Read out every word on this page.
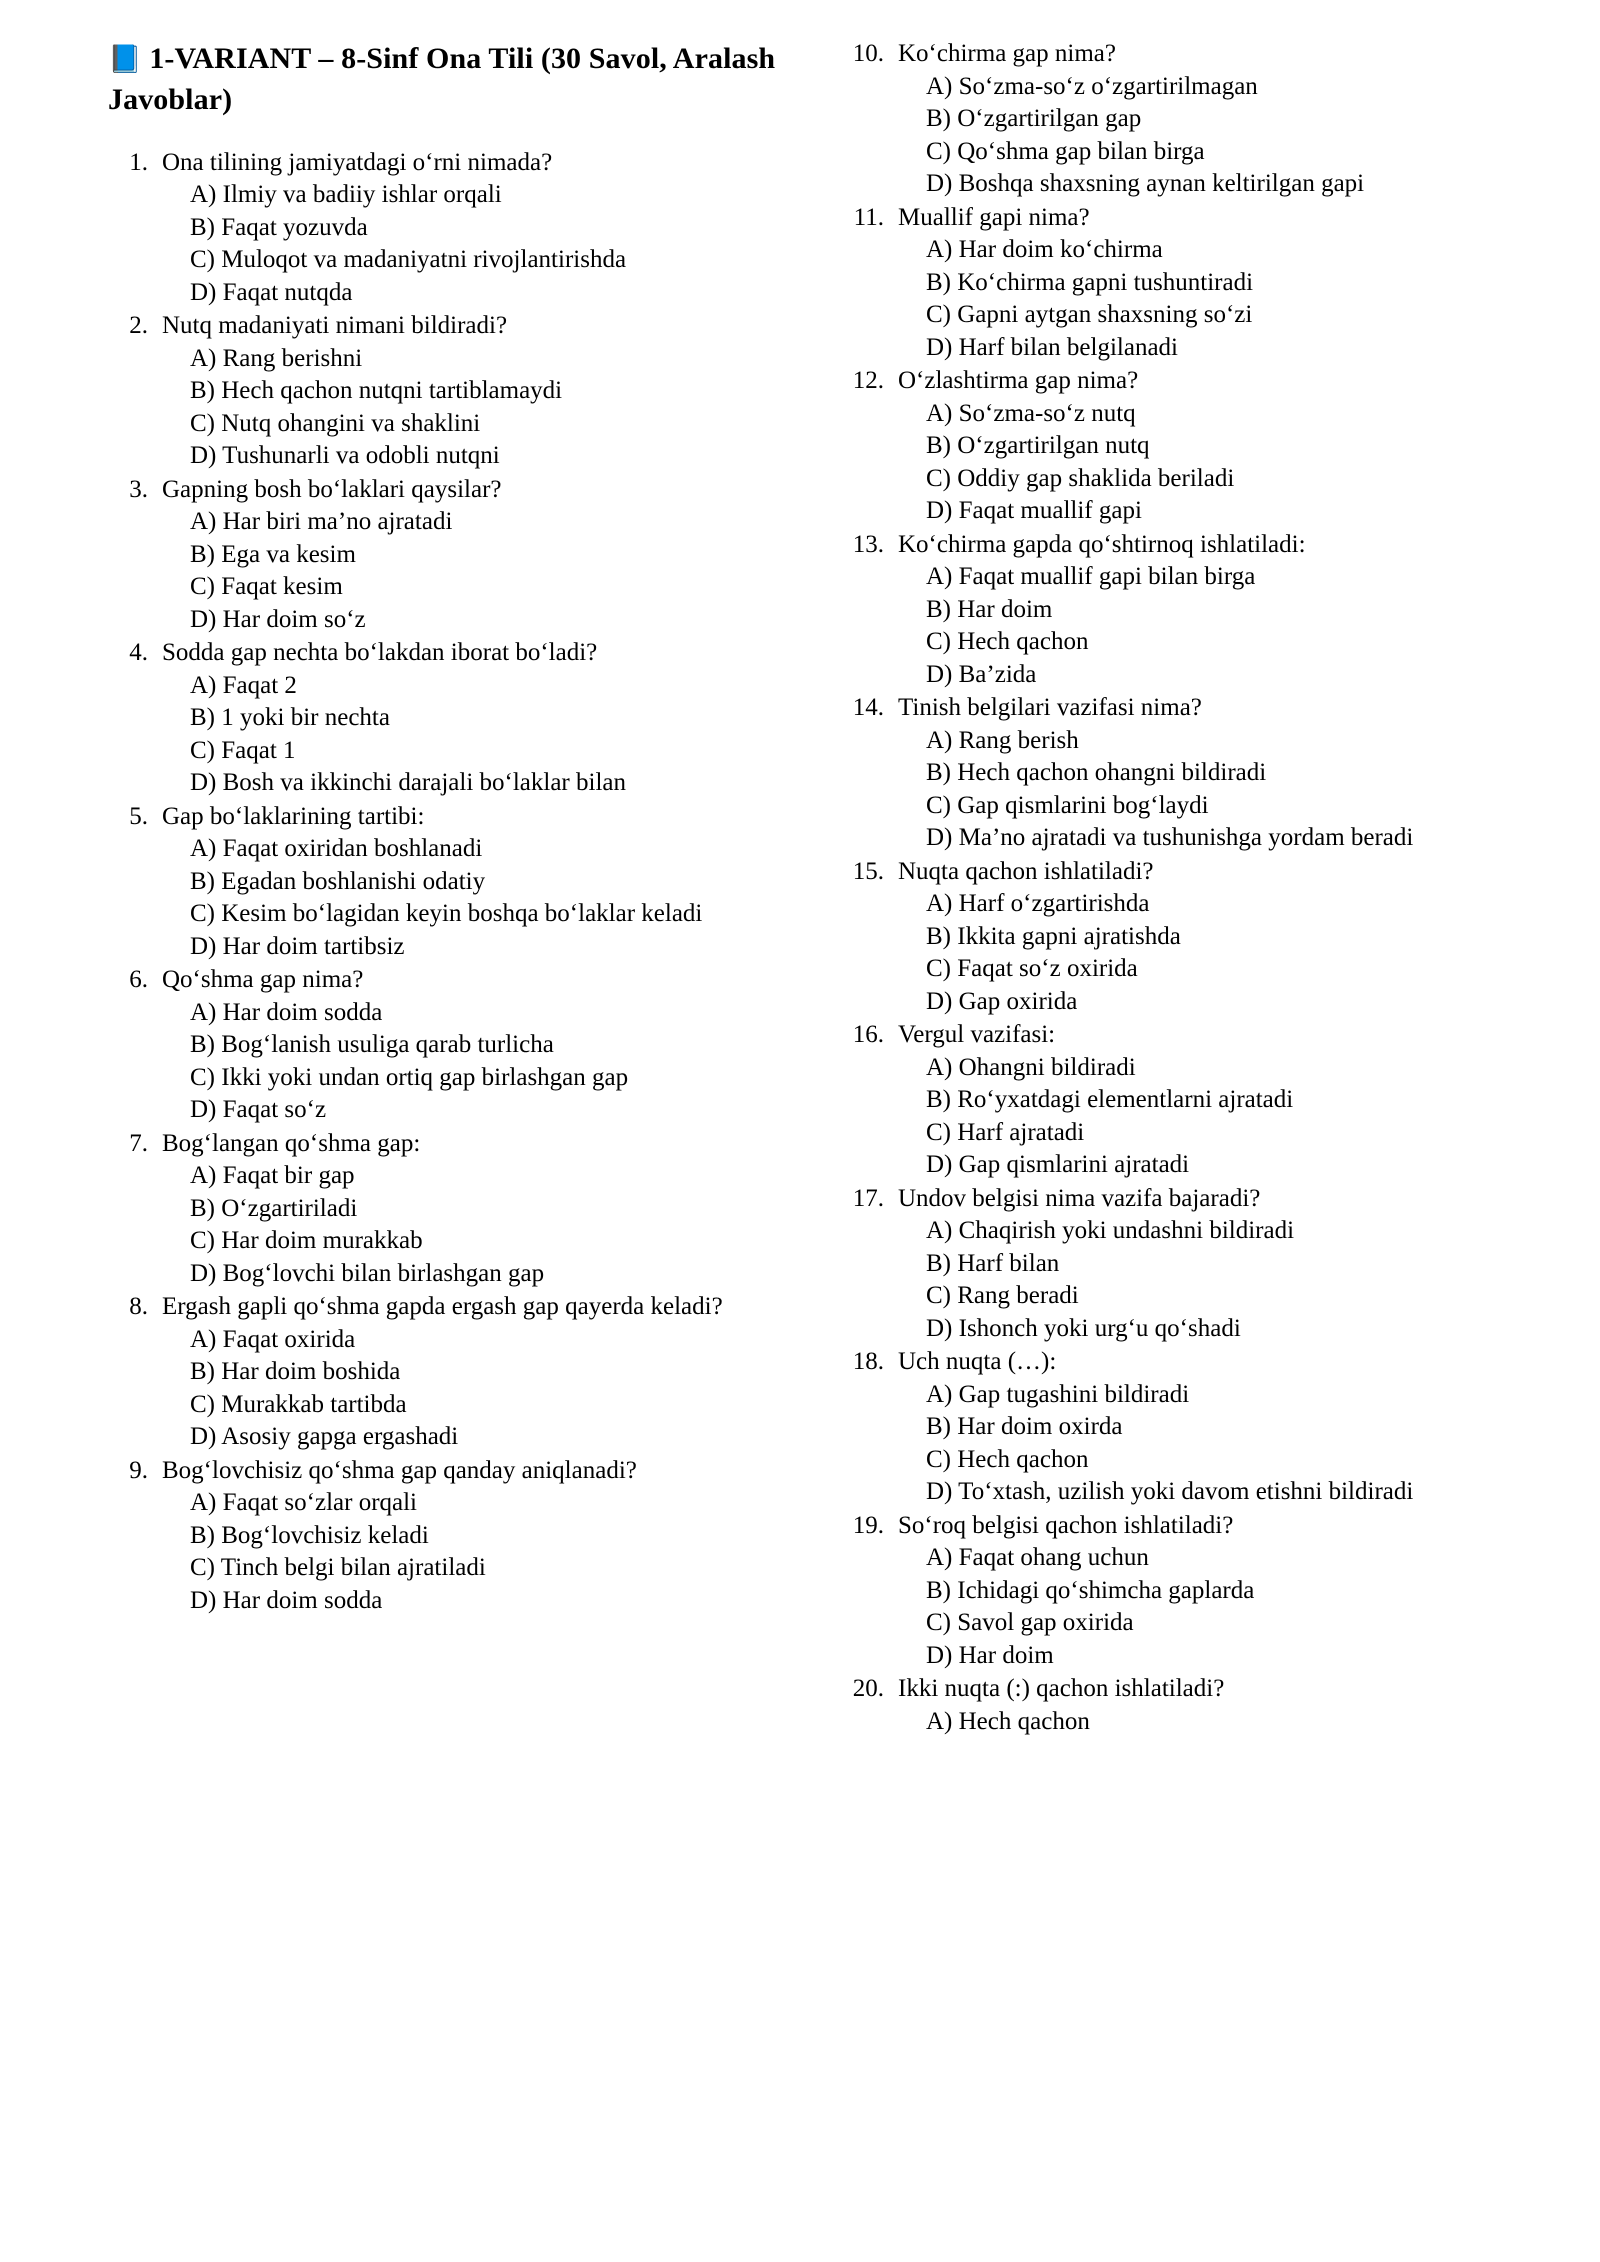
📘 1-VARIANT – 8-Sinf Ona Tili (30 Savol, Aralash Javoblar)
1. Ona tilining jamiyatdagi o‘rni nimada?
A) Ilmiy va badiiy ishlar orqali
B) Faqat yozuvda
C) Muloqot va madaniyatni rivojlantirishda
D) Faqat nutqda
2. Nutq madaniyati nimani bildiradi?
A) Rang berishni
B) Hech qachon nutqni tartiblamaydi
C) Nutq ohangini va shaklini
D) Tushunarli va odobli nutqni
3. Gapning bosh bo‘laklari qaysilar?
A) Har biri ma’no ajratadi
B) Ega va kesim
C) Faqat kesim
D) Har doim so‘z
4. Sodda gap nechta bo‘lakdan iborat bo‘ladi?
A) Faqat 2
B) 1 yoki bir nechta
C) Faqat 1
D) Bosh va ikkinchi darajali bo‘laklar bilan
5. Gap bo‘laklarining tartibi:
A) Faqat oxiridan boshlanadi
B) Egadan boshlanishi odatiy
C) Kesim bo‘lagidan keyin boshqa bo‘laklar keladi
D) Har doim tartibsiz
6. Qo‘shma gap nima?
A) Har doim sodda
B) Bog‘lanish usuliga qarab turlicha
C) Ikki yoki undan ortiq gap birlashgan gap
D) Faqat so‘z
7. Bog‘langan qo‘shma gap:
A) Faqat bir gap
B) O‘zgartiriladi
C) Har doim murakkab
D) Bog‘lovchi bilan birlashgan gap
8. Ergash gapli qo‘shma gapda ergash gap qayerda keladi?
A) Faqat oxirida
B) Har doim boshida
C) Murakkab tartibda
D) Asosiy gapga ergashadi
9. Bog‘lovchisiz qo‘shma gap qanday aniqlanadi?
A) Faqat so‘zlar orqali
B) Bog‘lovchisiz keladi
C) Tinch belgi bilan ajratiladi
D) Har doim sodda
10. Ko‘chirma gap nima?
A) So‘zma-so‘z o‘zgartirilmagan
B) O‘zgartirilgan gap
C) Qo‘shma gap bilan birga
D) Boshqa shaxsning aynan keltirilgan gapi
11. Muallif gapi nima?
A) Har doim ko‘chirma
B) Ko‘chirma gapni tushuntiradi
C) Gapni aytgan shaxsning so‘zi
D) Harf bilan belgilanadi
12. O‘zlashtirma gap nima?
A) So‘zma-so‘z nutq
B) O‘zgartirilgan nutq
C) Oddiy gap shaklida beriladi
D) Faqat muallif gapi
13. Ko‘chirma gapda qo‘shtirnoq ishlatiladi:
A) Faqat muallif gapi bilan birga
B) Har doim
C) Hech qachon
D) Ba’zida
14. Tinish belgilari vazifasi nima?
A) Rang berish
B) Hech qachon ohangni bildiradi
C) Gap qismlarini bog‘laydi
D) Ma’no ajratadi va tushunishga yordam beradi
15. Nuqta qachon ishlatiladi?
A) Harf o‘zgartirishda
B) Ikkita gapni ajratishda
C) Faqat so‘z oxirida
D) Gap oxirida
16. Vergul vazifasi:
A) Ohangni bildiradi
B) Ro‘yxatdagi elementlarni ajratadi
C) Harf ajratadi
D) Gap qismlarini ajratadi
17. Undov belgisi nima vazifa bajaradi?
A) Chaqirish yoki undashni bildiradi
B) Harf bilan
C) Rang beradi
D) Ishonch yoki urg‘u qo‘shadi
18. Uch nuqta (…):
A) Gap tugashini bildiradi
B) Har doim oxirda
C) Hech qachon
D) To‘xtash, uzilish yoki davom etishni bildiradi
19. So‘roq belgisi qachon ishlatiladi?
A) Faqat ohang uchun
B) Ichidagi qo‘shimcha gaplarda
C) Savol gap oxirida
D) Har doim
20. Ikki nuqta (:) qachon ishlatiladi?
A) Hech qachon
